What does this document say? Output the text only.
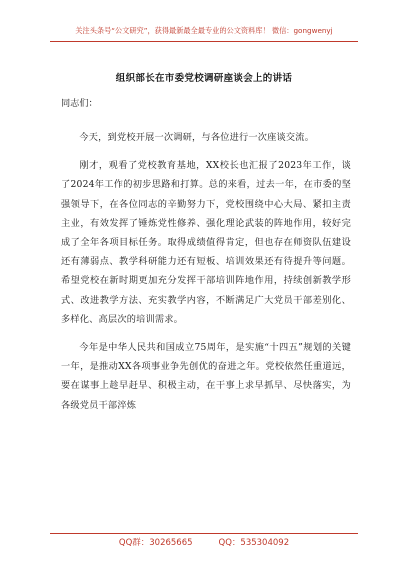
关注头条号“公文研究”，获得最新最全最专业的公文资料库！ 微信：gongwenyj
组织部长在市委党校调研座谈会上的讲话

同志们：

今天，到党校开展一次调研，与各位进行一次座谈交流。

刚才，观看了党校教育基地，XX校长也汇报了2023年工作，谈了2024年工作的初步思路和打算。总的来看，过去一年，在市委的坚强领导下，在各位同志的辛勤努力下，党校围绕中心大局、紧扣主责主业，有效发挥了锤炼党性修养、强化理论武装的阵地作用，较好完成了全年各项目标任务。取得成绩值得肯定，但也存在师资队伍建设还有薄弱点、教学科研能力还有短板、培训效果还有待提升等问题。希望党校在新时期更加充分发挥干部培训阵地作用，持续创新教学形式、改进教学方法、充实教学内容，不断满足广大党员干部差别化、多样化、高层次的培训需求。

今年是中华人民共和国成立75周年，是实施“十四五”规划的关键一年，是推动XX各项事业争先创优的奋进之年。党校依然任重道远，要在谋事上趁早赶早、积极主动，在干事上求早抓早、尽快落实，为各级党员干部淬炼

QQ群：30265665	QQ：535304092
